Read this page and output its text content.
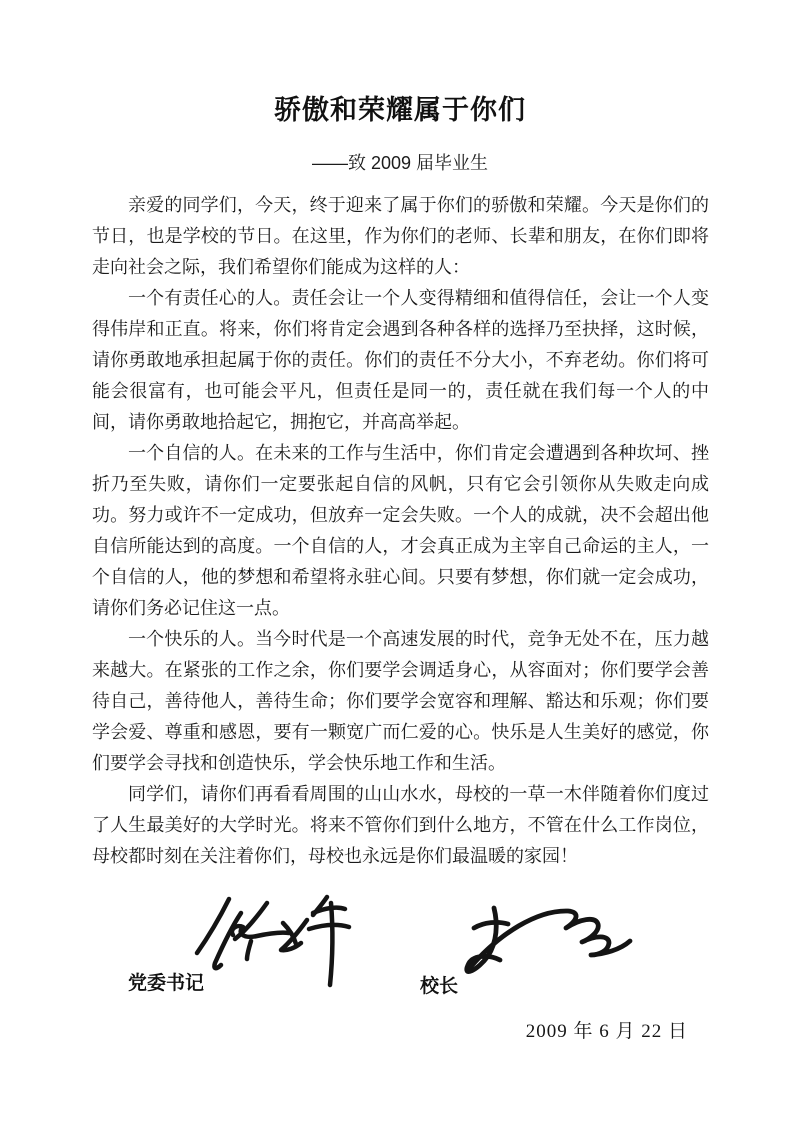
骄傲和荣耀属于你们
——致 2009 届毕业生

亲爱的同学们，今天，终于迎来了属于你们的骄傲和荣耀。今天是你们的节日，也是学校的节日。在这里，作为你们的老师、长辈和朋友，在你们即将走向社会之际，我们希望你们能成为这样的人：

一个有责任心的人。责任会让一个人变得精细和值得信任，会让一个人变得伟岸和正直。将来，你们将肯定会遇到各种各样的选择乃至抉择，这时候，请你勇敢地承担起属于你的责任。你们的责任不分大小，不弃老幼。你们将可能会很富有，也可能会平凡，但责任是同一的，责任就在我们每一个人的中间，请你勇敢地拾起它，拥抱它，并高高举起。

一个自信的人。在未来的工作与生活中，你们肯定会遭遇到各种坎坷、挫折乃至失败，请你们一定要张起自信的风帆，只有它会引领你从失败走向成功。努力或许不一定成功，但放弃一定会失败。一个人的成就，决不会超出他自信所能达到的高度。一个自信的人，才会真正成为主宰自己命运的主人，一个自信的人，他的梦想和希望将永驻心间。只要有梦想，你们就一定会成功，请你们务必记住这一点。

一个快乐的人。当今时代是一个高速发展的时代，竞争无处不在，压力越来越大。在紧张的工作之余，你们要学会调适身心，从容面对；你们要学会善待自己，善待他人，善待生命；你们要学会宽容和理解、豁达和乐观；你们要学会爱、尊重和感恩，要有一颗宽广而仁爱的心。快乐是人生美好的感觉，你们要学会寻找和创造快乐，学会快乐地工作和生活。

同学们，请你们再看看周围的山山水水，母校的一草一木伴随着你们度过了人生最美好的大学时光。将来不管你们到什么地方，不管在什么工作岗位，母校都时刻在关注着你们，母校也永远是你们最温暖的家园！

党委书记	校长
2009 年 6 月 22 日
